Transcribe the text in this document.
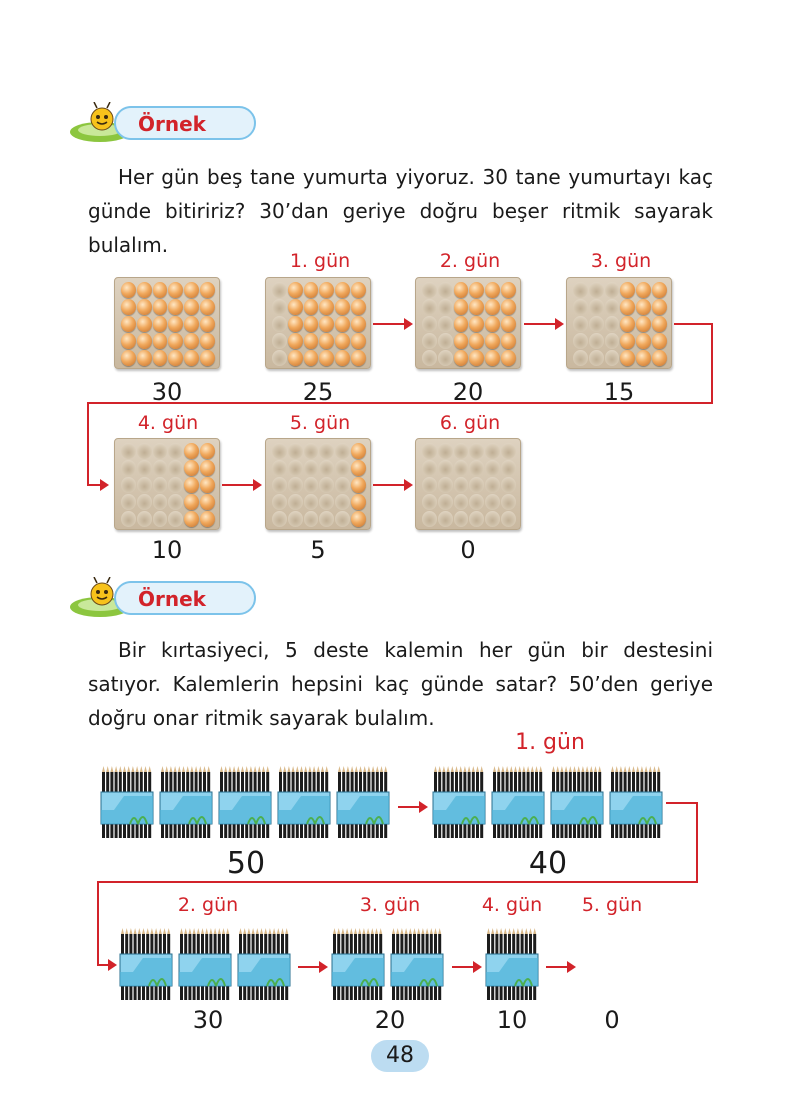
Örnek
Her gün beş tane yumurta yiyoruz. 30 tane yumurtayı kaç günde bitiririz? 30’dan geriye doğru beşer ritmik sayarak bulalım.
1. gün	2. gün	3. gün
30	25	20	15
4. gün	5. gün	6. gün
10	5	0
Örnek
Bir kırtasiyeci, 5 deste kalemin her gün bir destesini satıyor. Kalemlerin hepsini kaç günde satar? 50’den geriye doğru onar ritmik sayarak bulalım.
1. gün
50	40
2. gün	3. gün	4. gün	5. gün
30	20	10	0
48
